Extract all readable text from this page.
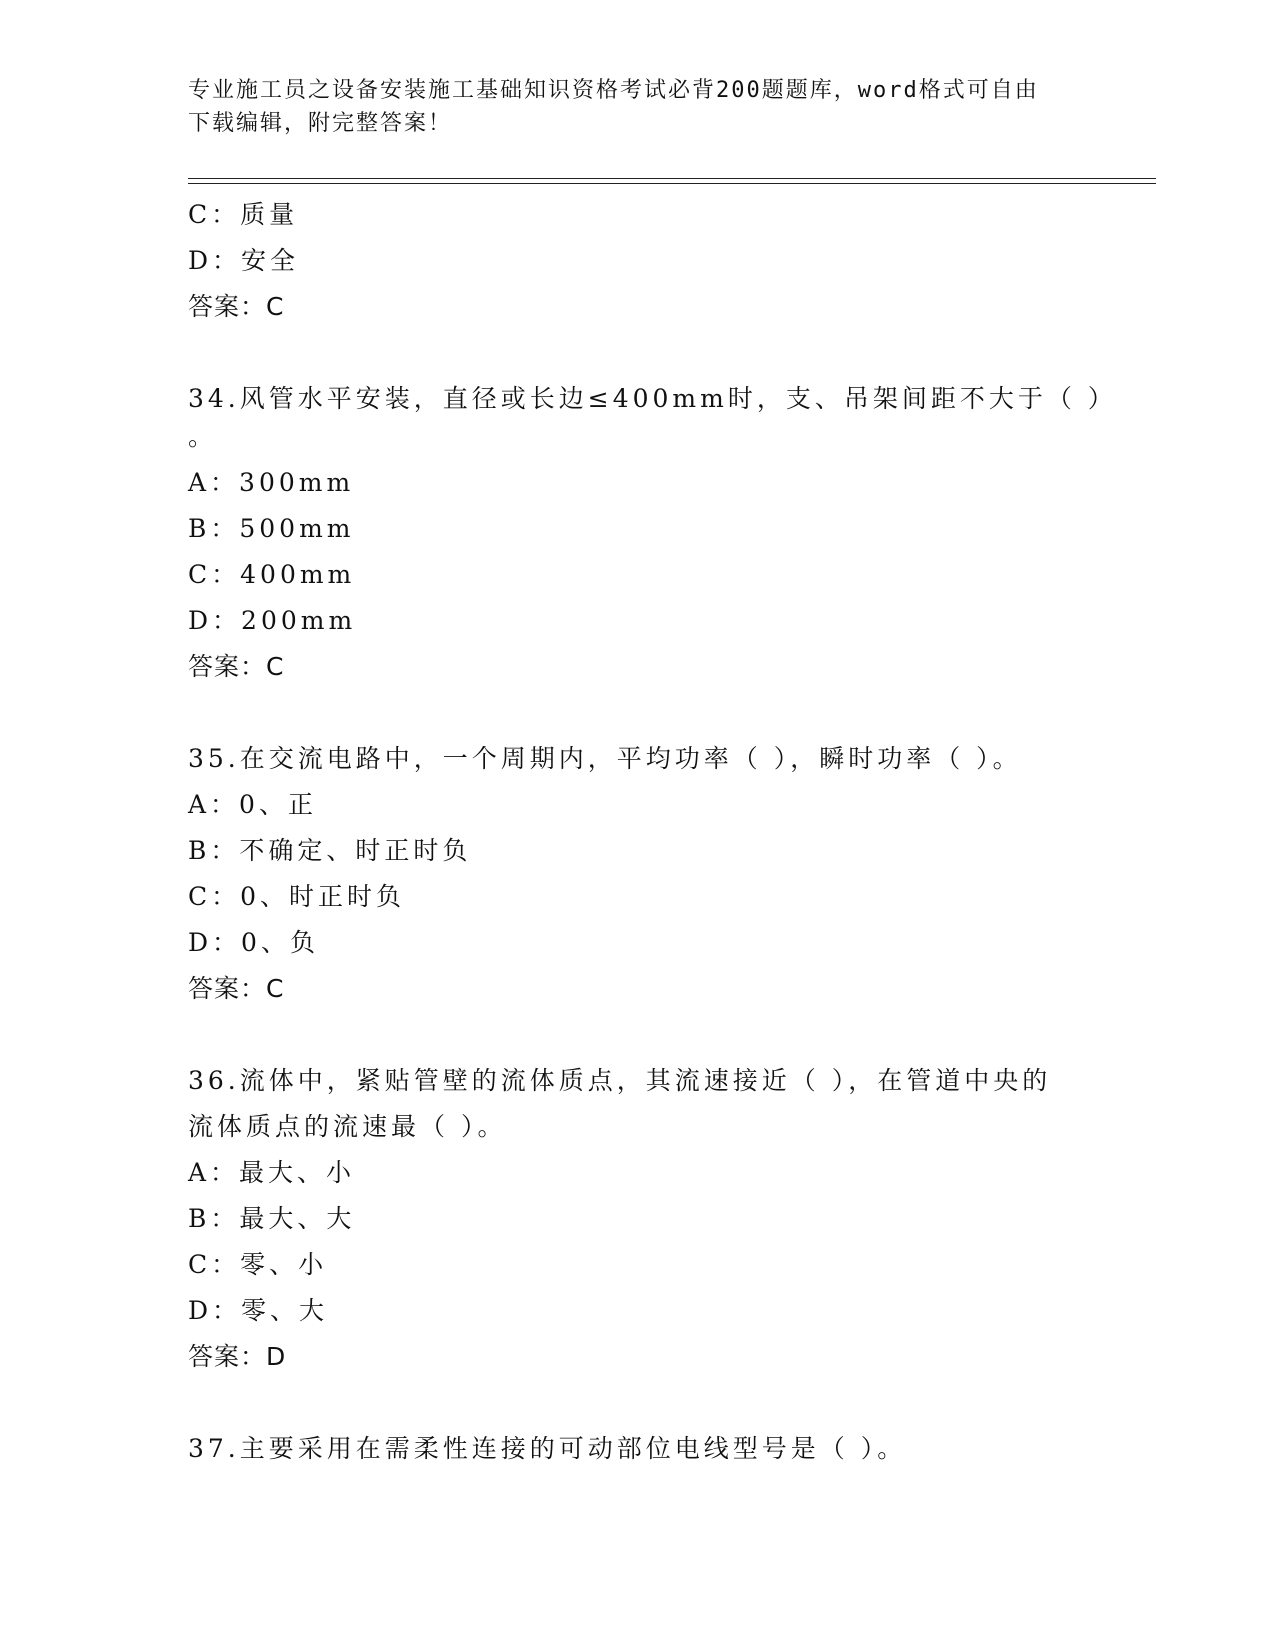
专业施工员之设备安装施工基础知识资格考试必背200题题库，word格式可自由
下载编辑，附完整答案！
C：质量
D：安全
答案：C
34.风管水平安装，直径或长边≤400mm时，支、吊架间距不大于（ ）
。
A：300mm
B：500mm
C：400mm
D：200mm
答案：C
35.在交流电路中，一个周期内，平均功率（ ），瞬时功率（ ）。
A：0、正
B：不确定、时正时负
C：0、时正时负
D：0、负
答案：C
36.流体中，紧贴管壁的流体质点，其流速接近（ ），在管道中央的
流体质点的流速最（ ）。
A：最大、小
B：最大、大
C：零、小
D：零、大
答案：D
37.主要采用在需柔性连接的可动部位电线型号是（ ）。
